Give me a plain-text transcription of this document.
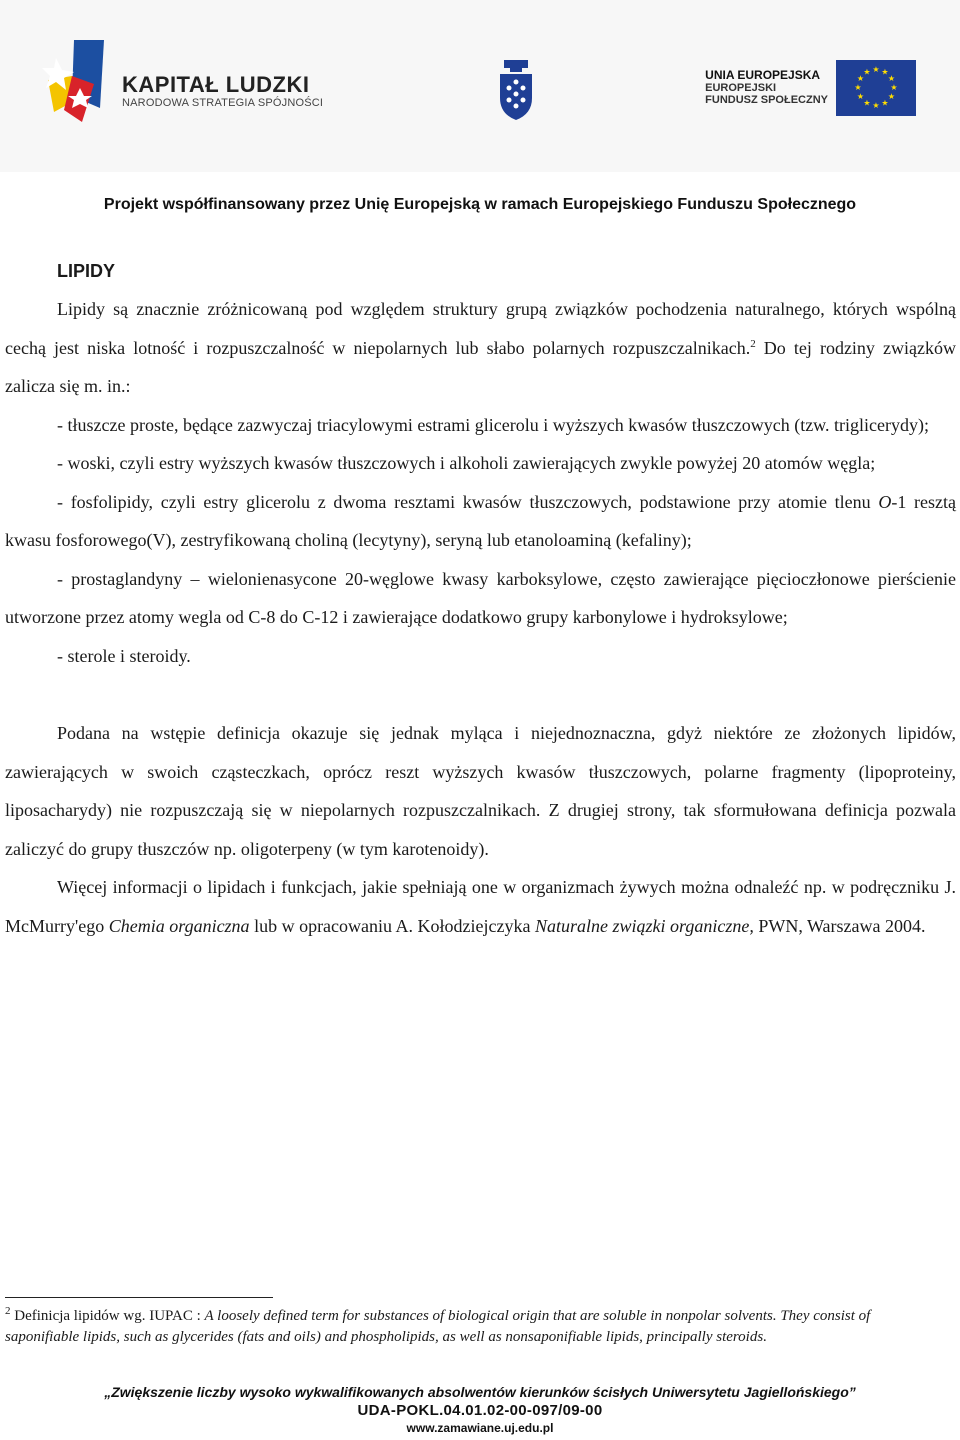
KAPITAŁ LUDZKI
NARODOWA STRATEGIA SPÓJNOŚCI
UNIA EUROPEJSKA
EUROPEJSKI
FUNDUSZ SPOŁECZNY
★ ★
★
★
★
★
★
★
★
★
★
★
Projekt współfinansowany przez Unię Europejską w ramach Europejskiego Funduszu Społecznego
LIPIDY

Lipidy są znacznie zróżnicowaną pod względem struktury grupą związków pochodzenia naturalnego, których wspólną cechą jest niska lotność i rozpuszczalność w niepolarnych lub słabo polarnych rozpuszczalnikach.$^2$ Do tej rodziny związków zalicza się m. in.:

- tłuszcze proste, będące zazwyczaj triacylowymi estrami glicerolu i wyższych kwasów tłuszczowych (tzw. triglicerydy);

- woski, czyli estry wyższych kwasów tłuszczowych i alkoholi zawierających zwykle powyżej 20 atomów węgla;

- fosfolipidy, czyli estry glicerolu z dwoma resztami kwasów tłuszczowych, podstawione przy atomie tlenu O-1 resztą kwasu fosforowego(V), zestryfikowaną choliną (lecytyny), seryną lub etanoloaminą (kefaliny);

- prostaglandyny – wielonienasycone 20-węglowe kwasy karboksylowe, często zawierające pięcioczłonowe pierścienie utworzone przez atomy wegla od C-8 do C-12 i zawierające dodatkowo grupy karbonylowe i hydroksylowe;

- sterole i steroidy.

Podana na wstępie definicja okazuje się jednak myląca i niejednoznaczna, gdyż niektóre ze złożonych lipidów, zawierających w swoich cząsteczkach, oprócz reszt wyższych kwasów tłuszczowych, polarne fragmenty (lipoproteiny, liposacharydy) nie rozpuszczają się w niepolarnych rozpuszczalnikach. Z drugiej strony, tak sformułowana definicja pozwala zaliczyć do grupy tłuszczów np. oligoterpeny (w tym karotenoidy).

Więcej informacji o lipidach i funkcjach, jakie spełniają one w organizmach żywych można odnaleźć np. w podręczniku J. McMurry'ego Chemia organiczna lub w opracowaniu A. Kołodziejczyka Naturalne związki organiczne, PWN, Warszawa 2004.

$^2$ Definicja lipidów wg. IUPAC : A loosely defined term for substances of biological origin that are soluble in nonpolar solvents. They consist of saponifiable lipids, such as glycerides (fats and oils) and phospholipids, as well as nonsaponifiable lipids, principally steroids.
„Zwiększenie liczby wysoko wykwalifikowanych absolwentów kierunków ścisłych Uniwersytetu Jagiellońskiego”
UDA-POKL.04.01.02-00-097/09-00
www.zamawiane.uj.edu.pl
